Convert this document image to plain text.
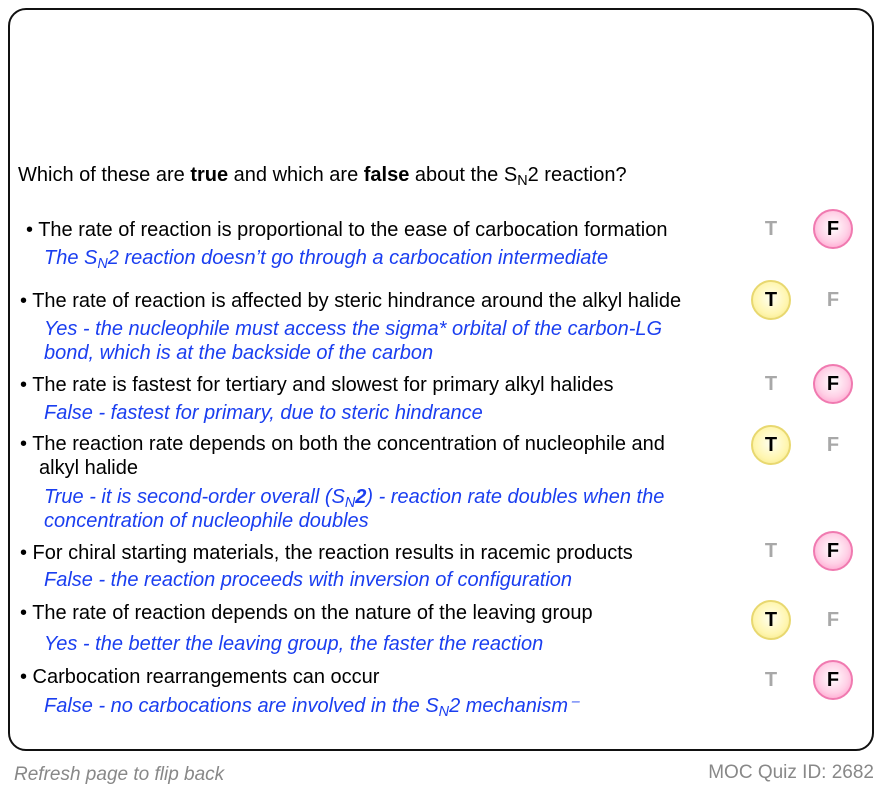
Which of these are true and which are false about the $S_N2$ reaction?
• The rate of reaction is proportional to the ease of carbocation formation
The $S_N2$ reaction doesn’t go through a carbocation intermediate
T	F
• The rate of reaction is affected by steric hindrance around the alkyl halide
Yes - the nucleophile must access the sigma* orbital of the carbon-LG
bond, which is at the backside of the carbon
T	F
• The rate is fastest for tertiary and slowest for primary alkyl halides
False - fastest for primary, due to steric hindrance
T	F
• The reaction rate depends on both the concentration of nucleophile and
alkyl halide
True - it is second-order overall $(S_N2)$ - reaction rate doubles when the
concentration of nucleophile doubles
T	F
• For chiral starting materials, the reaction results in racemic products
False - the reaction proceeds with inversion of configuration
T	F
• The rate of reaction depends on the nature of the leaving group
Yes - the better the leaving group, the faster the reaction
T	F
• Carbocation rearrangements can occur
False - no carbocations are involved in the $S_N2$ mechanism⁻
T	F
Refresh page to flip back	MOC Quiz ID: 2682
